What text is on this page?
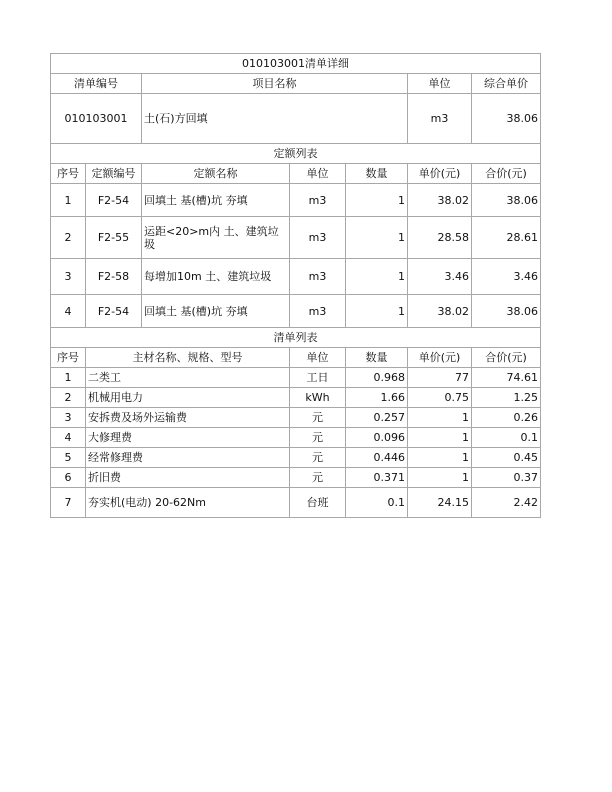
010103001清单详细						
清单编号		项目名称			单位	综合单价
010103001		土(石)方回填			m3	38.06
定额列表						
序号	定额编号	定额名称	单位	数量	单价(元)	合价(元)
1	F2-54	回填土 基(槽)坑 夯填	m3	1	38.02	38.06
2	F2-55	运距<20>m内 土、建筑垃圾	m3	1	28.58	28.61
3	F2-58	每增加10m 土、建筑垃圾	m3	1	3.46	3.46
4	F2-54	回填土 基(槽)坑 夯填	m3	1	38.02	38.06
清单列表						
序号	主材名称、规格、型号		单位	数量	单价(元)	合价(元)
1	二类工		工日	0.968	77	74.61
2	机械用电力		kWh	1.66	0.75	1.25
3	安拆费及场外运输费		元	0.257	1	0.26
4	大修理费		元	0.096	1	0.1
5	经常修理费		元	0.446	1	0.45
6	折旧费		元	0.371	1	0.37
7	夯实机(电动) 20-62Nm		台班	0.1	24.15	2.42
